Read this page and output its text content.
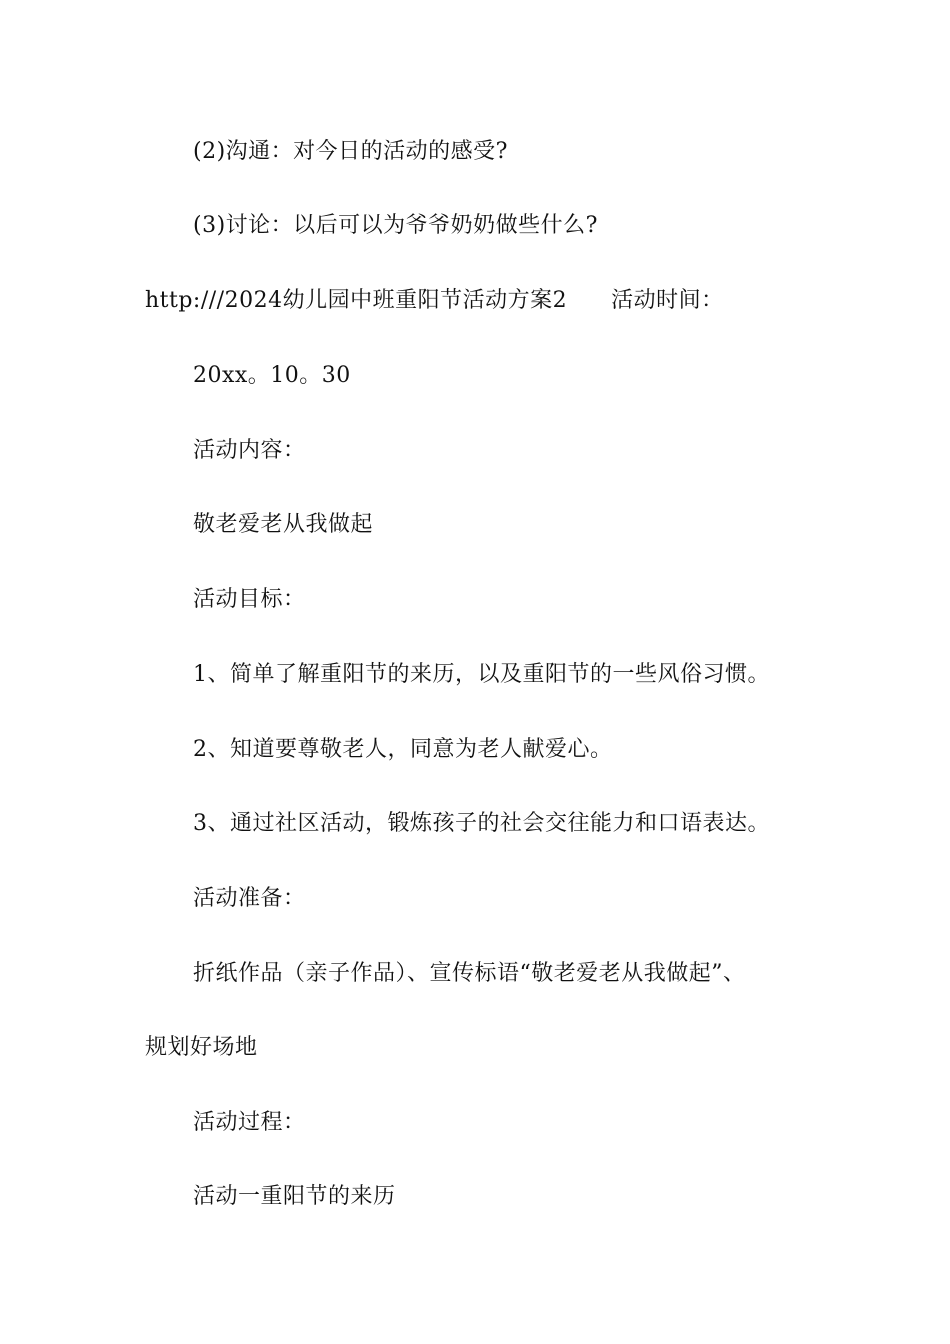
(2)沟通：对今日的活动的感受?
(3)讨论：以后可以为爷爷奶奶做些什么?
http:///2024幼儿园中班重阳节活动方案2 活动时间：
20xx。10。30
活动内容：
敬老爱老从我做起
活动目标：
1、简单了解重阳节的来历，以及重阳节的一些风俗习惯。
2、知道要尊敬老人，同意为老人献爱心。
3、通过社区活动，锻炼孩子的社会交往能力和口语表达。
活动准备：
折纸作品（亲子作品）、宣传标语“敬老爱老从我做起”、
规划好场地
活动过程：
活动一重阳节的来历
